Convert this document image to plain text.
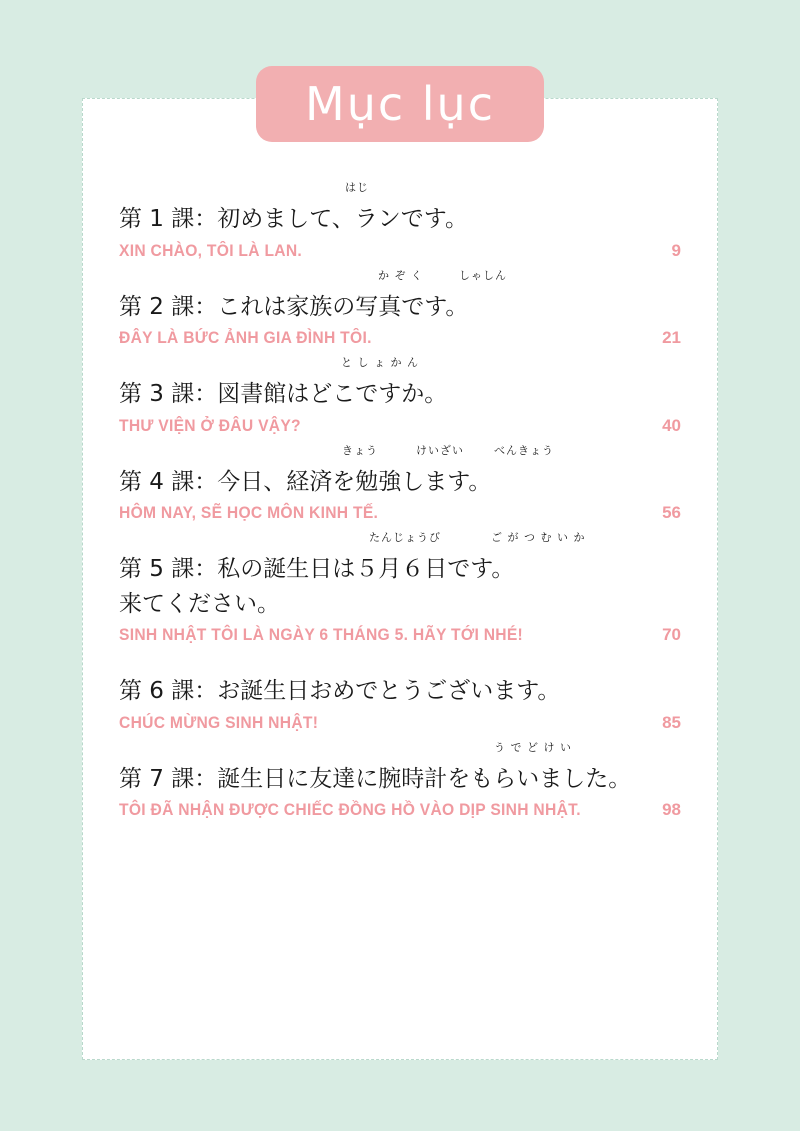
はじ
第 1 課：初めまして、ランです。
XIN CHÀO, TÔI LÀ LAN.	9
か ぞ く	しゃしん
第 2 課：これは家族の写真です。
ĐÂY LÀ BỨC ẢNH GIA ĐÌNH TÔI.	21
と し ょ か ん
第 3 課：図書館はどこですか。
THƯ VIỆN Ở ĐÂU VẬY?	40
きょう	けいざい	べんきょう
第 4 課：今日、経済を勉強します。
HÔM NAY, SẼ HỌC MÔN KINH TẾ.	56
たんじょうび	ご が つ む い か
第 5 課：私の誕生日は５月６日です。
来てください。
SINH NHẬT TÔI LÀ NGÀY 6 THÁNG 5. HÃY TỚI NHÉ!	70
第 6 課：お誕生日おめでとうございます。
CHÚC MỪNG SINH NHẬT!	85
う で ど け い
第 7 課：誕生日に友達に腕時計をもらいました。
TÔI ĐÃ NHẬN ĐƯỢC CHIẾC ĐỒNG HỒ VÀO DỊP SINH NHẬT.	98
Mục lục
